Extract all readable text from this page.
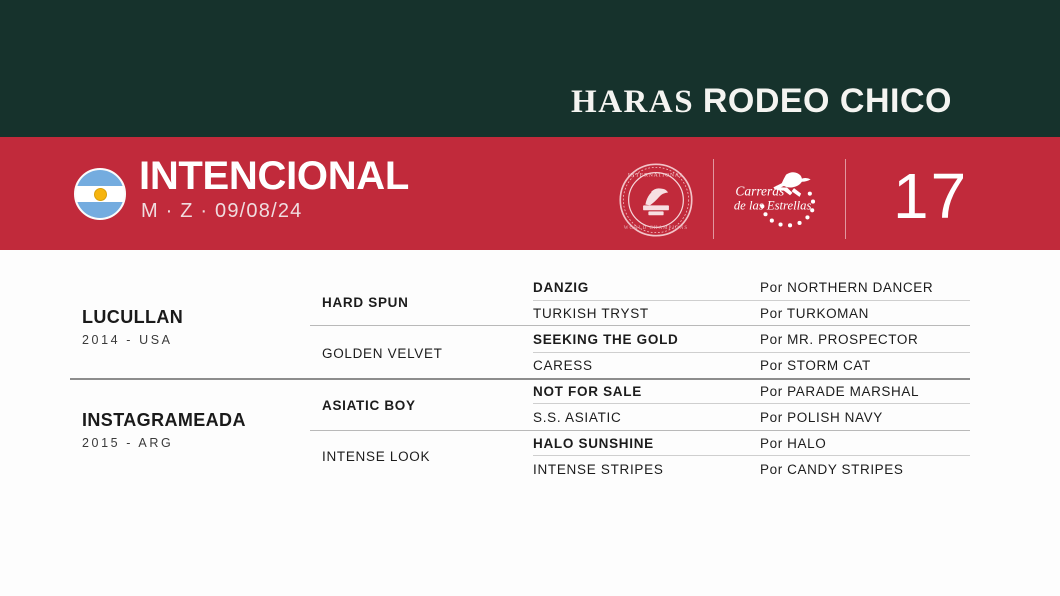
HARAS RODEO CHICO
INTENCIONAL
M · Z · 09/08/24
INTERNATIONAL
WORLD CHAMPIONS
Carreras
de las Estrellas 17
LUCULLAN
2014 - USA
INSTAGRAMEADA
2015 - ARG
HARD SPUN
GOLDEN VELVET
ASIATIC BOY
INTENSE LOOK
DANZIG
TURKISH TRYST
SEEKING THE GOLD
CARESS
NOT FOR SALE
S.S. ASIATIC
HALO SUNSHINE
INTENSE STRIPES
Por NORTHERN DANCER
Por TURKOMAN
Por MR. PROSPECTOR
Por STORM CAT
Por PARADE MARSHAL
Por POLISH NAVY
Por HALO
Por CANDY STRIPES
